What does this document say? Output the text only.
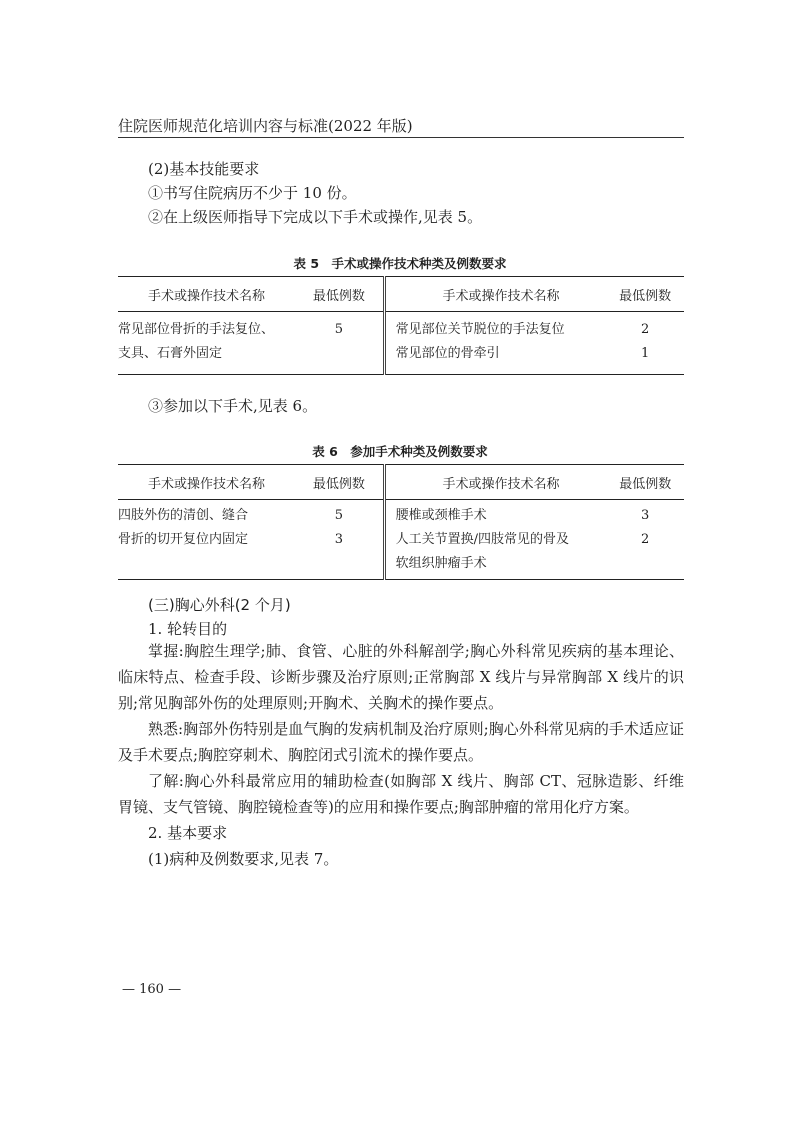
住院医师规范化培训内容与标准(2022 年版)
(2)基本技能要求
①书写住院病历不少于 10 份。
②在上级医师指导下完成以下手术或操作,见表 5。
表 5　手术或操作技术种类及例数要求
手术或操作技术名称	最低例数	手术或操作技术名称	最低例数
常见部位骨折的手法复位、	5	常见部位关节脱位的手法复位	2
支具、石膏外固定		常见部位的骨牵引	1
③参加以下手术,见表 6。
表 6　参加手术种类及例数要求
手术或操作技术名称	最低例数	手术或操作技术名称	最低例数
四肢外伤的清创、缝合	5	腰椎或颈椎手术	3
骨折的切开复位内固定	3	人工关节置换/四肢常见的骨及	2
		软组织肿瘤手术	
(三)胸心外科(2 个月)
1. 轮转目的

掌握:胸腔生理学;肺、食管、心脏的外科解剖学;胸心外科常见疾病的基本理论、临床特点、检查手段、诊断步骤及治疗原则;正常胸部 X 线片与异常胸部 X 线片的识别;常见胸部外伤的处理原则;开胸术、关胸术的操作要点。

熟悉:胸部外伤特别是血气胸的发病机制及治疗原则;胸心外科常见病的手术适应证及手术要点;胸腔穿刺术、胸腔闭式引流术的操作要点。

了解:胸心外科最常应用的辅助检查(如胸部 X 线片、胸部 CT、冠脉造影、纤维胃镜、支气管镜、胸腔镜检查等)的应用和操作要点;胸部肿瘤的常用化疗方案。

2. 基本要求

(1)病种及例数要求,见表 7。

— 160 —
